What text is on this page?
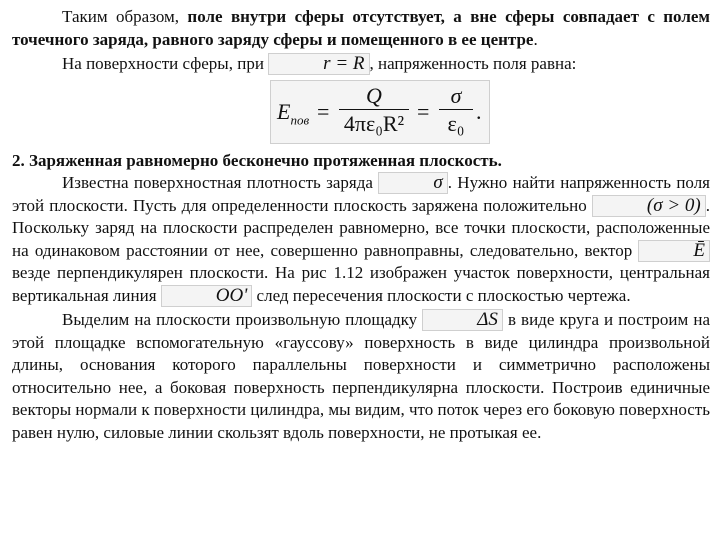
Таким образом, поле внутри сферы отсутствует, а вне сферы совпадает с полем точечного заряда, равного заряду сферы и помещенного в ее центре.

На поверхности сферы, при	r = R , напряженность поля равна:

$E_{пов} = \frac{Q}{\text{4πε₀R²}} = \frac{\sigma}{\text{ε₀}}$ .

2. Заряженная равномерно бесконечно протяженная плоскость.

Известна поверхностная плотность заряда	σ . Нужно найти напряженность поля этой плоскости. Пусть для определенности плоскость заряжена положительно	(σ > 0) . Поскольку заряд на плоскости распределен равномерно, все точки плоскости, расположенные на одинаковом расстоянии от нее, совершенно равноправны, следовательно, вектор	Ē везде перпендикулярен плоскости. На рис 1.12 изображен участок поверхности, центральная вертикальная линия	OO' след пересечения плоскости с плоскостью чертежа.

Выделим на плоскости произвольную площадку	ΔS в виде круга и построим на этой площадке вспомогательную «гауссову» поверхность в виде цилиндра произвольной длины, основания которого параллельны поверхности и симметрично расположены относительно нее, а боковая поверхность перпендикулярна плоскости. Построив единичные векторы нормали к поверхности цилиндра, мы видим, что поток через его боковую поверхность равен нулю, силовые линии скользят вдоль поверхности, не протыкая ее.
